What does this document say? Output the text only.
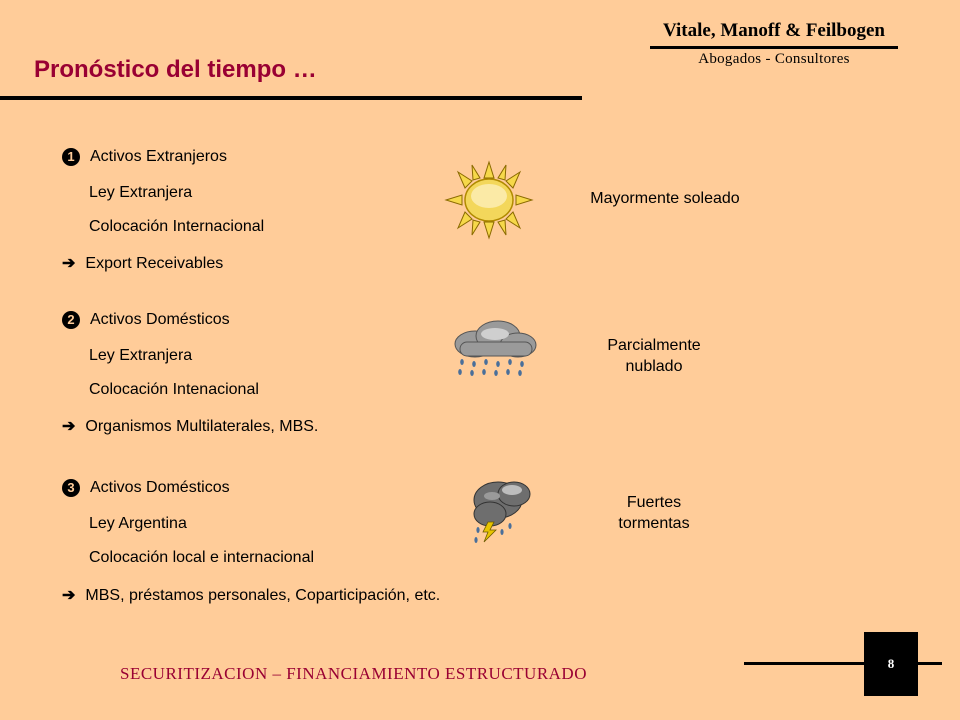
Vitale, Manoff & Feilbogen
Abogados - Consultores
Pronóstico del tiempo …
1 Activos Extranjeros
Ley Extranjera
Colocación Internacional
➔ Export Receivables
Mayormente soleado
2 Activos Domésticos
Ley Extranjera
Colocación Intenacional
➔ Organismos Multilaterales, MBS.
Parcialmente
nublado
3 Activos Domésticos
Ley Argentina
Colocación local e internacional
➔ MBS, préstamos personales, Coparticipación, etc.
Fuertes
tormentas
8
SECURITIZACION – FINANCIAMIENTO ESTRUCTURADO
